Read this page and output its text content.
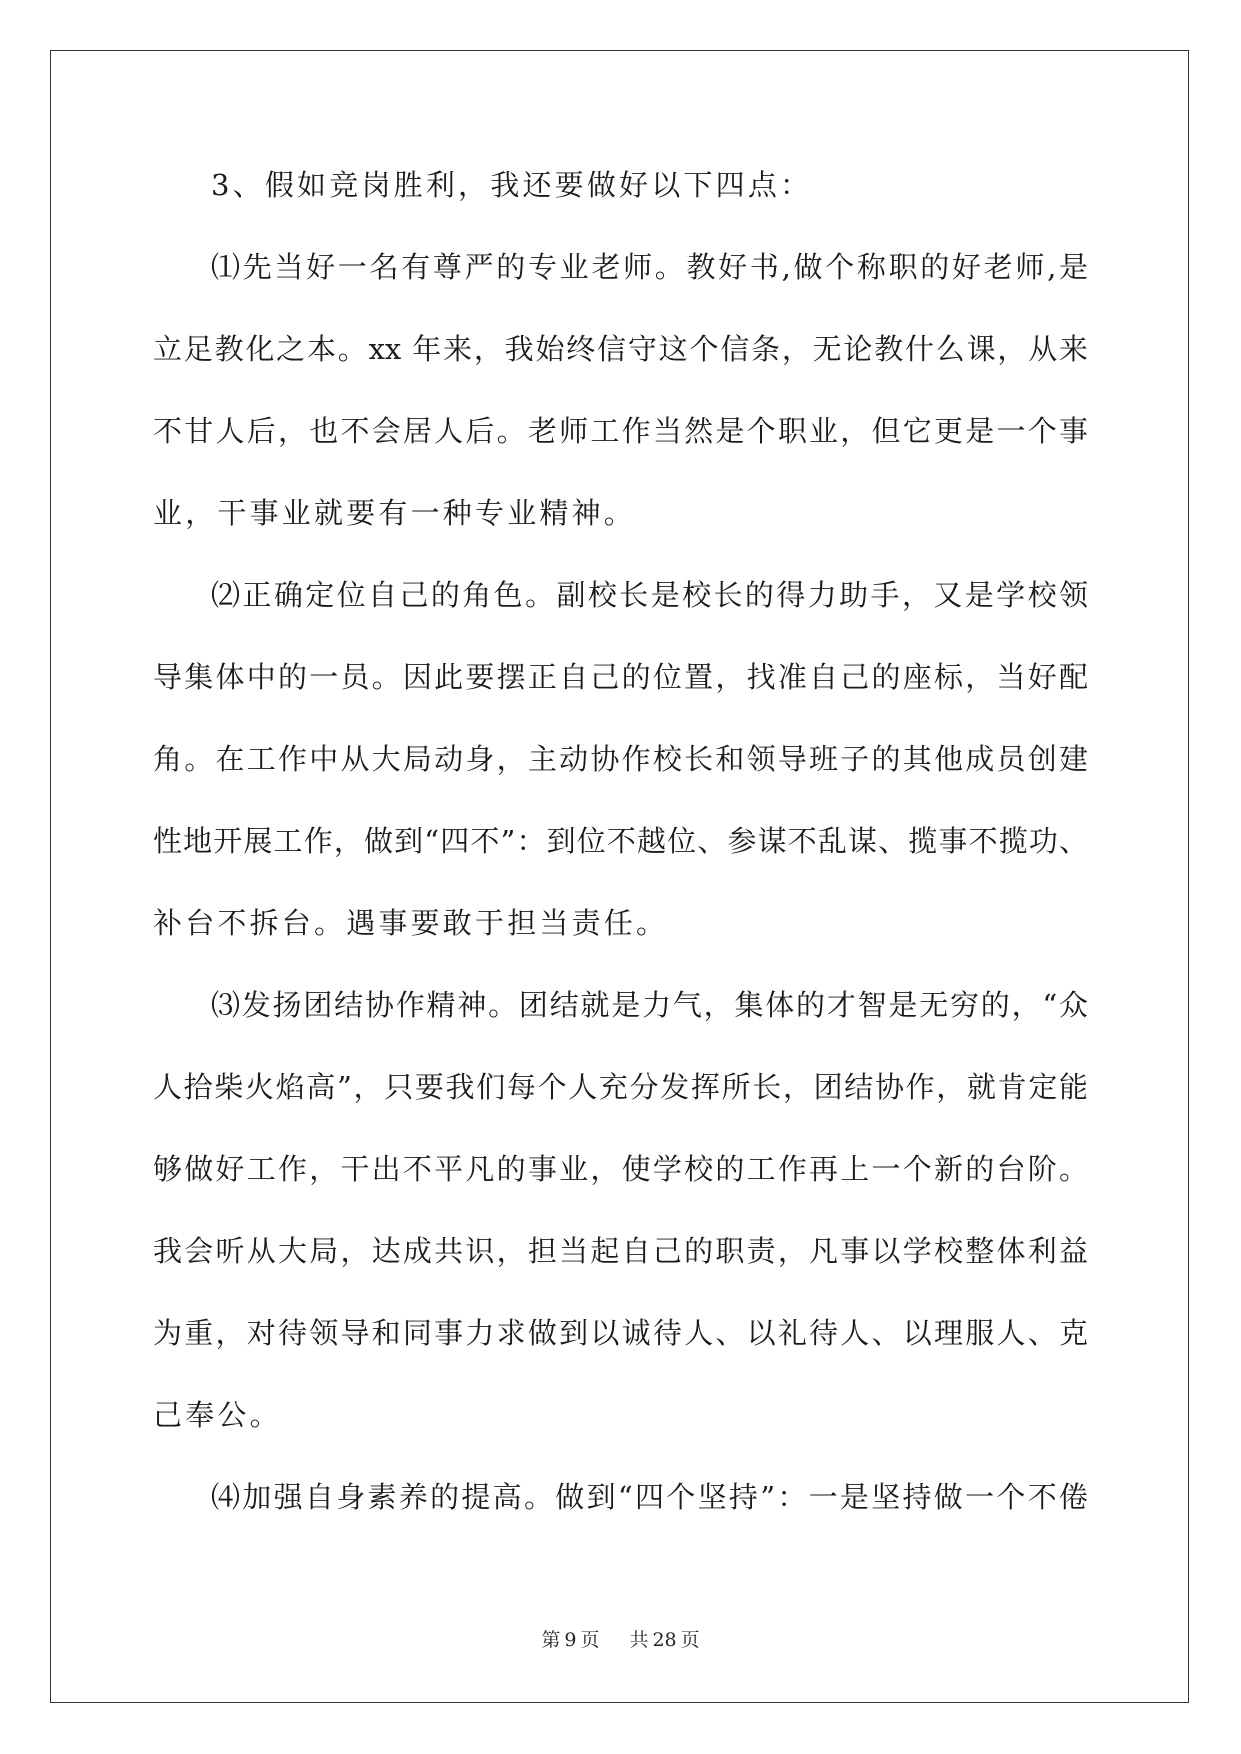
3、假如竞岗胜利，我还要做好以下四点：
⑴先当好一名有尊严的专业老师。教好书,做个称职的好老师,是
立足教化之本。xx 年来，我始终信守这个信条，无论教什么课，从来
不甘人后，也不会居人后。老师工作当然是个职业，但它更是一个事
业，干事业就要有一种专业精神。
⑵正确定位自己的角色。副校长是校长的得力助手，又是学校领
导集体中的一员。因此要摆正自己的位置，找准自己的座标，当好配
角。在工作中从大局动身，主动协作校长和领导班子的其他成员创建
性地开展工作，做到“四不”：到位不越位、参谋不乱谋、揽事不揽功、
补台不拆台。遇事要敢于担当责任。
⑶发扬团结协作精神。团结就是力气，集体的才智是无穷的，“众
人拾柴火焰高”，只要我们每个人充分发挥所长，团结协作，就肯定能
够做好工作，干出不平凡的事业，使学校的工作再上一个新的台阶。
我会听从大局，达成共识，担当起自己的职责，凡事以学校整体利益
为重，对待领导和同事力求做到以诚待人、以礼待人、以理服人、克
己奉公。
⑷加强自身素养的提高。做到“四个坚持”：一是坚持做一个不倦
第 9 页 共 28 页
